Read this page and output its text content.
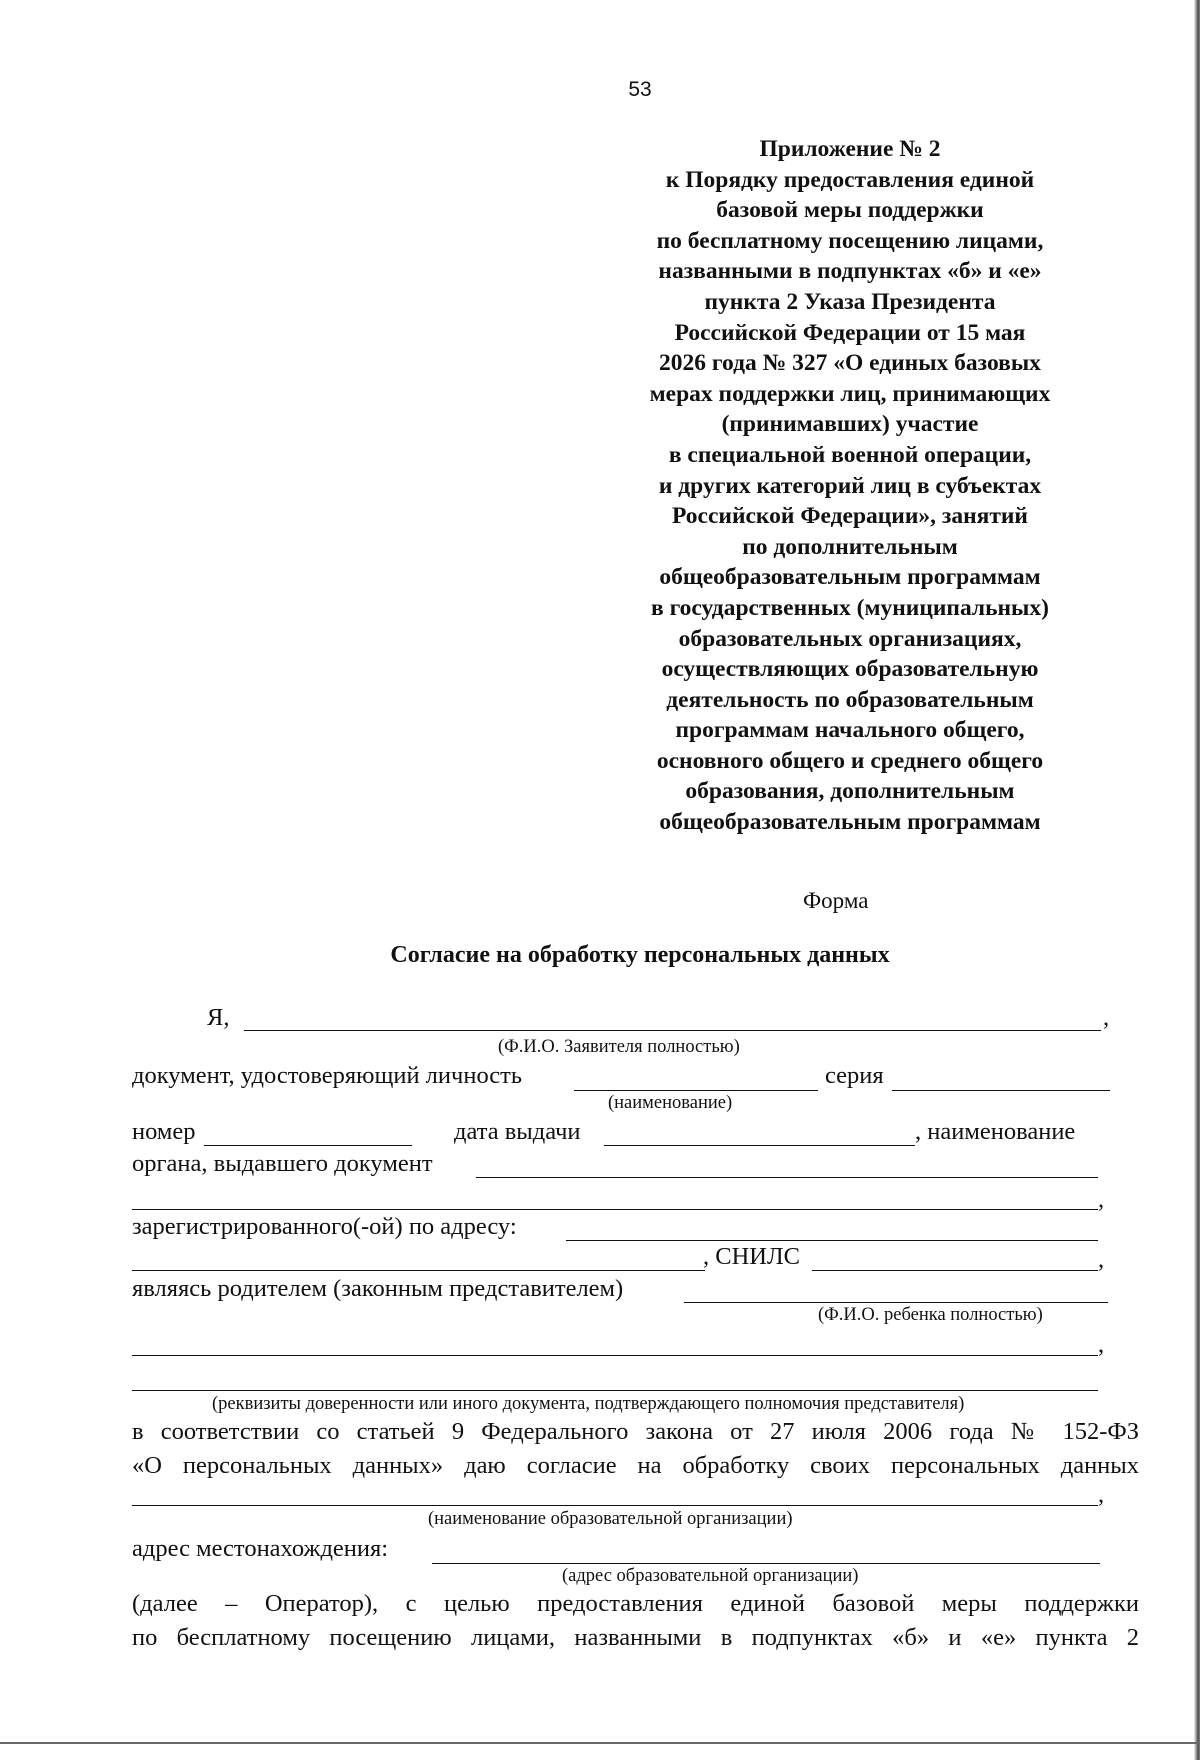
53
Приложение № 2
к Порядку предоставления единой
базовой меры поддержки
по бесплатному посещению лицами,
названными в подпунктах «б» и «е»
пункта 2 Указа Президента
Российской Федерации от 15 мая
2026 года № 327 «О единых базовых
мерах поддержки лиц, принимающих
(принимавших) участие
в специальной военной операции,
и других категорий лиц в субъектах
Российской Федерации», занятий
по дополнительным
общеобразовательным программам
в государственных (муниципальных)
образовательных организациях,
осуществляющих образовательную
деятельность по образовательным
программам начального общего,
основного общего и среднего общего
образования, дополнительным
общеобразовательным программам
Форма
Согласие на обработку персональных данных
Я,	,
(Ф.И.О. Заявителя полностью)
документ, удостоверяющий личность	серия
(наименование)
номер	дата выдачи	, наименование
органа, выдавшего документ
,
зарегистрированного(-ой) по адресу:
, СНИЛС	,
являясь родителем (законным представителем)
(Ф.И.О. ребенка полностью)
,
(реквизиты доверенности или иного документа, подтверждающего полномочия представителя)
в соответствии со статьей 9 Федерального закона от 27 июля 2006 года № 152-ФЗ
«О персональных данных» даю согласие на обработку своих персональных данных
,
(наименование образовательной организации)
адрес местонахождения:
(адрес образовательной организации)
(далее – Оператор), с целью предоставления единой базовой меры поддержки
по бесплатному посещению лицами, названными в подпунктах «б» и «е» пункта 2
